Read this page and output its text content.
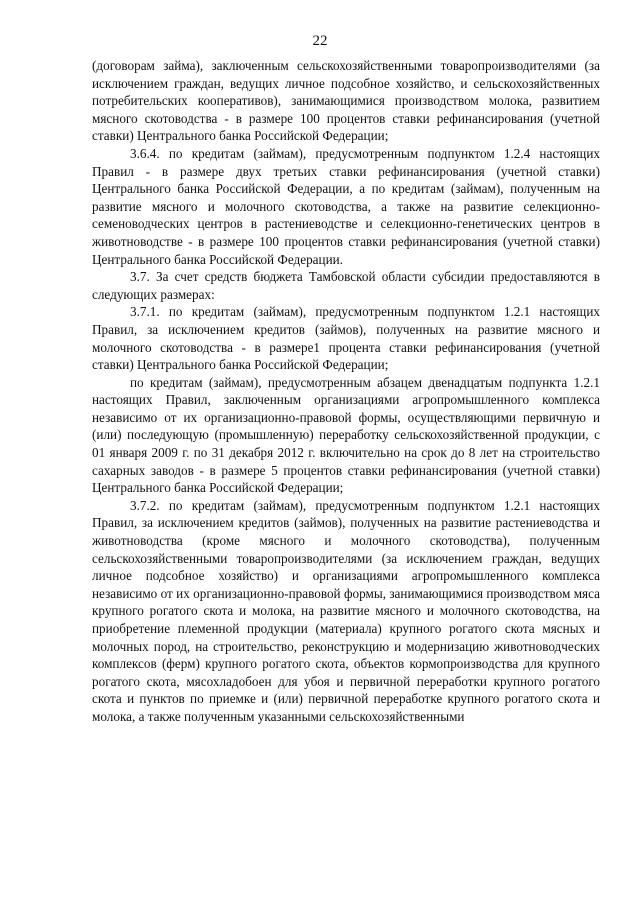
22

(договорам займа), заключенным сельскохозяйственными товаропроизводителями (за исключением граждан, ведущих личное подсобное хозяйство, и сельскохозяйственных потребительских кооперативов), занимающимися производством молока, развитием мясного скотоводства - в размере 100 процентов ставки рефинансирования (учетной ставки) Центрального банка Российской Федерации;

3.6.4. по кредитам (займам), предусмотренным подпунктом 1.2.4 настоящих Правил - в размере двух третьих ставки рефинансирования (учетной ставки) Центрального банка Российской Федерации, а по кредитам (займам), полученным на развитие мясного и молочного скотоводства, а также на развитие селекционно-семеноводческих центров в растениеводстве и селекционно-генетических центров в животноводстве - в размере 100 процентов ставки рефинансирования (учетной ставки) Центрального банка Российской Федерации.

3.7. За счет средств бюджета Тамбовской области субсидии предоставляются в следующих размерах:

3.7.1. по кредитам (займам), предусмотренным подпунктом 1.2.1 настоящих Правил, за исключением кредитов (займов), полученных на развитие мясного и молочного скотоводства - в размере1 процента ставки рефинансирования (учетной ставки) Центрального банка Российской Федерации;

по кредитам (займам), предусмотренным абзацем двенадцатым подпункта 1.2.1 настоящих Правил, заключенным организациями агропромышленного комплекса независимо от их организационно-правовой формы, осуществляющими первичную и (или) последующую (промышленную) переработку сельскохозяйственной продукции, с 01 января 2009 г. по 31 декабря 2012 г. включительно на срок до 8 лет на строительство сахарных заводов - в размере 5 процентов ставки рефинансирования (учетной ставки) Центрального банка Российской Федерации;

3.7.2. по кредитам (займам), предусмотренным подпунктом 1.2.1 настоящих Правил, за исключением кредитов (займов), полученных на развитие растениеводства и животноводства (кроме мясного и молочного скотоводства), полученным сельскохозяйственными товаропроизводителями (за исключением граждан, ведущих личное подсобное хозяйство) и организациями агропромышленного комплекса независимо от их организационно-правовой формы, занимающимися производством мяса крупного рогатого скота и молока, на развитие мясного и молочного скотоводства, на приобретение племенной продукции (материала) крупного рогатого скота мясных и молочных пород, на строительство, реконструкцию и модернизацию животноводческих комплексов (ферм) крупного рогатого скота, объектов кормопроизводства для крупного рогатого скота, мясохладобоен для убоя и первичной переработки крупного рогатого скота и пунктов по приемке и (или) первичной переработке крупного рогатого скота и молока, а также полученным указанными сельскохозяйственными
